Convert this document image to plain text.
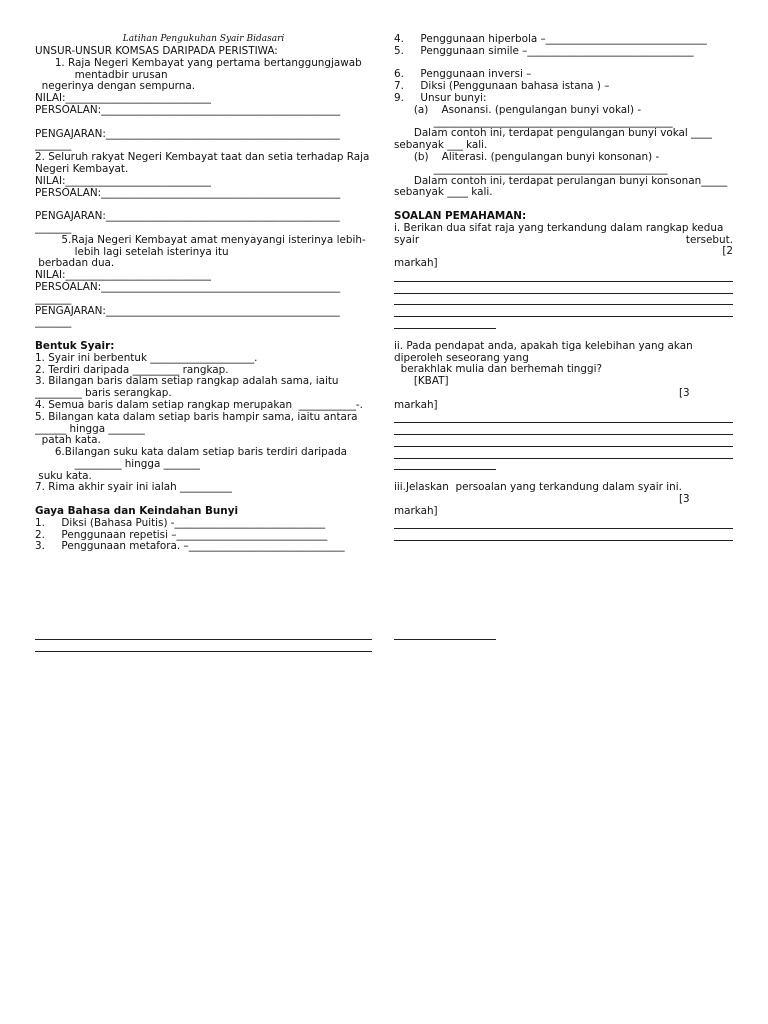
Latihan Pengukuhan Syair Bidasari
UNSUR-UNSUR KOMSAS DARIPADA PERISTIWA:
1. Raja Negeri Kembayat yang pertama bertanggungjawab
mentadbir urusan
negerinya dengan sempurna.
NILAI:____________________________
PERSOALAN:______________________________________________
PENGAJARAN:_____________________________________________
_______
2. Seluruh rakyat Negeri Kembayat taat dan setia terhadap Raja
Negeri Kembayat.
NILAI:____________________________
PERSOALAN:______________________________________________
PENGAJARAN:_____________________________________________
_______
5.Raja Negeri Kembayat amat menyayangi isterinya lebih-
lebih lagi setelah isterinya itu
berbadan dua.
NILAI:____________________________
PERSOALAN:______________________________________________
_______
PENGAJARAN:_____________________________________________
_______
Bentuk Syair:
1. Syair ini berbentuk ____________________.
2. Terdiri daripada _________ rangkap.
3. Bilangan baris dalam setiap rangkap adalah sama, iaitu
_________ baris serangkap.
4. Semua baris dalam setiap rangkap merupakan  ___________-.
5. Bilangan kata dalam setiap baris hampir sama, iaitu antara
______ hingga _______
patah kata.
6.Bilangan suku kata dalam setiap baris terdiri daripada
_________ hingga _______
suku kata.
7. Rima akhir syair ini ialah __________
Gaya Bahasa dan Keindahan Bunyi
1.     Diksi (Bahasa Puitis) -_____________________________
2.     Penggunaan repetisi –_____________________________
3.     Penggunaan metafora. –______________________________
4.     Penggunaan hiperbola –_______________________________
5.     Penggunaan simile –________________________________
6.     Penggunaan inversi –
7.     Diksi (Penggunaan bahasa istana ) –
9.     Unsur bunyi:
(a)    Asonansi. (pengulangan bunyi vokal) -
______________________________________________
Dalam contoh ini, terdapat pengulangan bunyi vokal ____
sebanyak ___ kali.
(b)    Aliterasi. (pengulangan bunyi konsonan) -
_____________________________________________
Dalam contoh ini, terdapat perulangan bunyi konsonan_____
sebanyak ____ kali.
SOALAN PEMAHAMAN:
i. Berikan dua sifat raja yang terkandung dalam rangkap kedua
syair	tersebut.
[2
markah]
ii. Pada pendapat anda, apakah tiga kelebihan yang akan
diperoleh seseorang yang
berakhlak mulia dan berhemah tinggi?
[KBAT]
[3
markah]
iii.Jelaskan  persoalan yang terkandung dalam syair ini.
[3
markah]
